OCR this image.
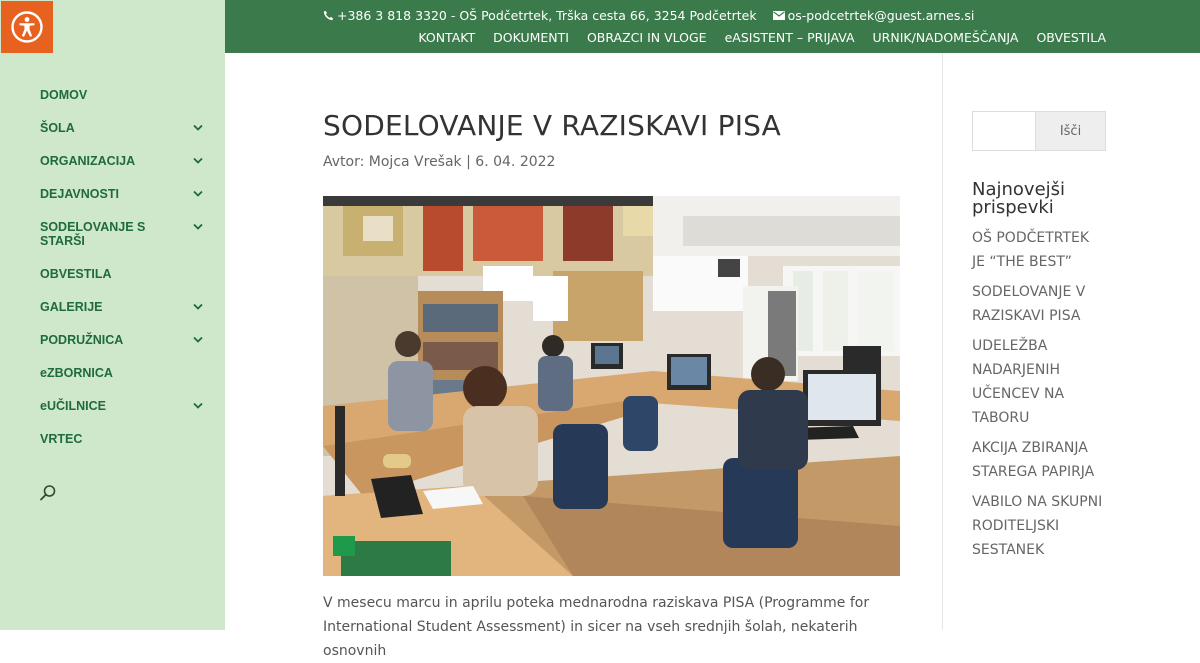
DOMOV
ŠOLA
ORGANIZACIJA
DEJAVNOSTI
SODELOVANJE S STARŠI
OBVESTILA
GALERIJE
PODRUŽNICA
eZBORNICA
eUČILNICE
VRTEC
+386 3 818 3320 - OŠ Podčetrtek, Trška cesta 66, 3254 Podčetrtek os-podcetrtek@guest.arnes.si
KONTAKT DOKUMENTI OBRAZCI IN VLOGE eASISTENT – PRIJAVA URNIK/NADOMEŠČANJA OBVESTILA
SODELOVANJE V RAZISKAVI PISA
Avtor: Mojca Vrešak | 6. 04. 2022

V mesecu marcu in aprilu poteka mednarodna raziskava PISA (Programme for International Student Assessment) in sicer na vseh srednjih šolah, nekaterih osnovnih

Išči
Najnovejši prispevki
OŠ PODČETRTEK JE “THE BEST”
SODELOVANJE V RAZISKAVI PISA
UDELEŽBA NADARJENIH UČENCEV NA TABORU
AKCIJA ZBIRANJA STAREGA PAPIRJA
VABILO NA SKUPNI RODITELJSKI SESTANEK
